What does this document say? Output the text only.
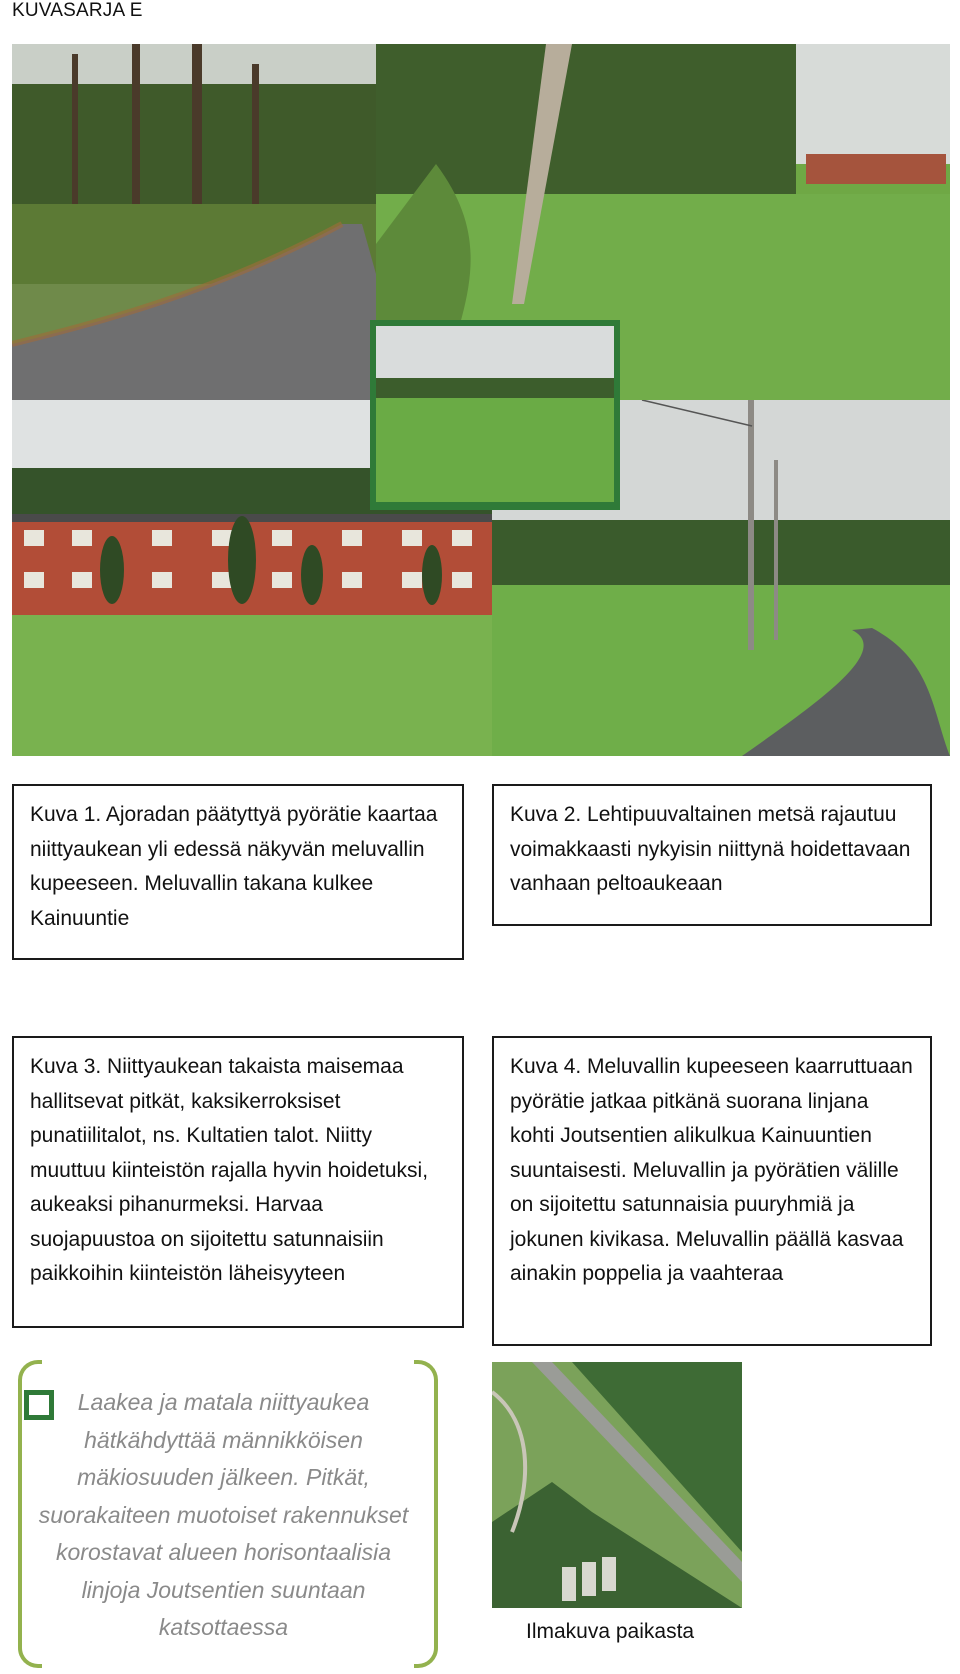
KUVASARJA E
Kuva 1. Ajoradan päätyttyä pyörätie kaartaa niittyaukean yli edessä näkyvän meluvallin kupeeseen. Meluvallin takana kulkee Kainuuntie
Kuva 2. Lehtipuuvaltainen metsä rajautuu voimakkaasti nykyisin niittynä hoidettavaan vanhaan peltoaukeaan
Kuva 3. Niittyaukean takaista maisemaa hallitsevat pitkät, kaksikerroksiset punatiilitalot, ns. Kultatien talot. Niitty muuttuu kiinteistön rajalla hyvin hoidetuksi, aukeaksi pihanurmeksi. Harvaa suojapuustoa on sijoitettu satunnaisiin paikkoihin kiinteistön läheisyyteen
Kuva 4. Meluvallin kupeeseen kaarruttuaan pyörätie jatkaa pitkänä suorana linjana kohti Joutsentien alikulkua Kainuuntien suuntaisesti. Meluvallin ja pyörätien välille on sijoitettu satunnaisia puuryhmiä ja jokunen kivikasa. Meluvallin päällä kasvaa ainakin poppelia ja vaahteraa
Laakea ja matala niittyaukea hätkähdyttää männikköisen mäkiosuuden jälkeen. Pitkät, suorakaiteen muotoiset rakennukset korostavat alueen horisontaalisia linjoja Joutsentien suuntaan katsottaessa	Ilmakuva paikasta
